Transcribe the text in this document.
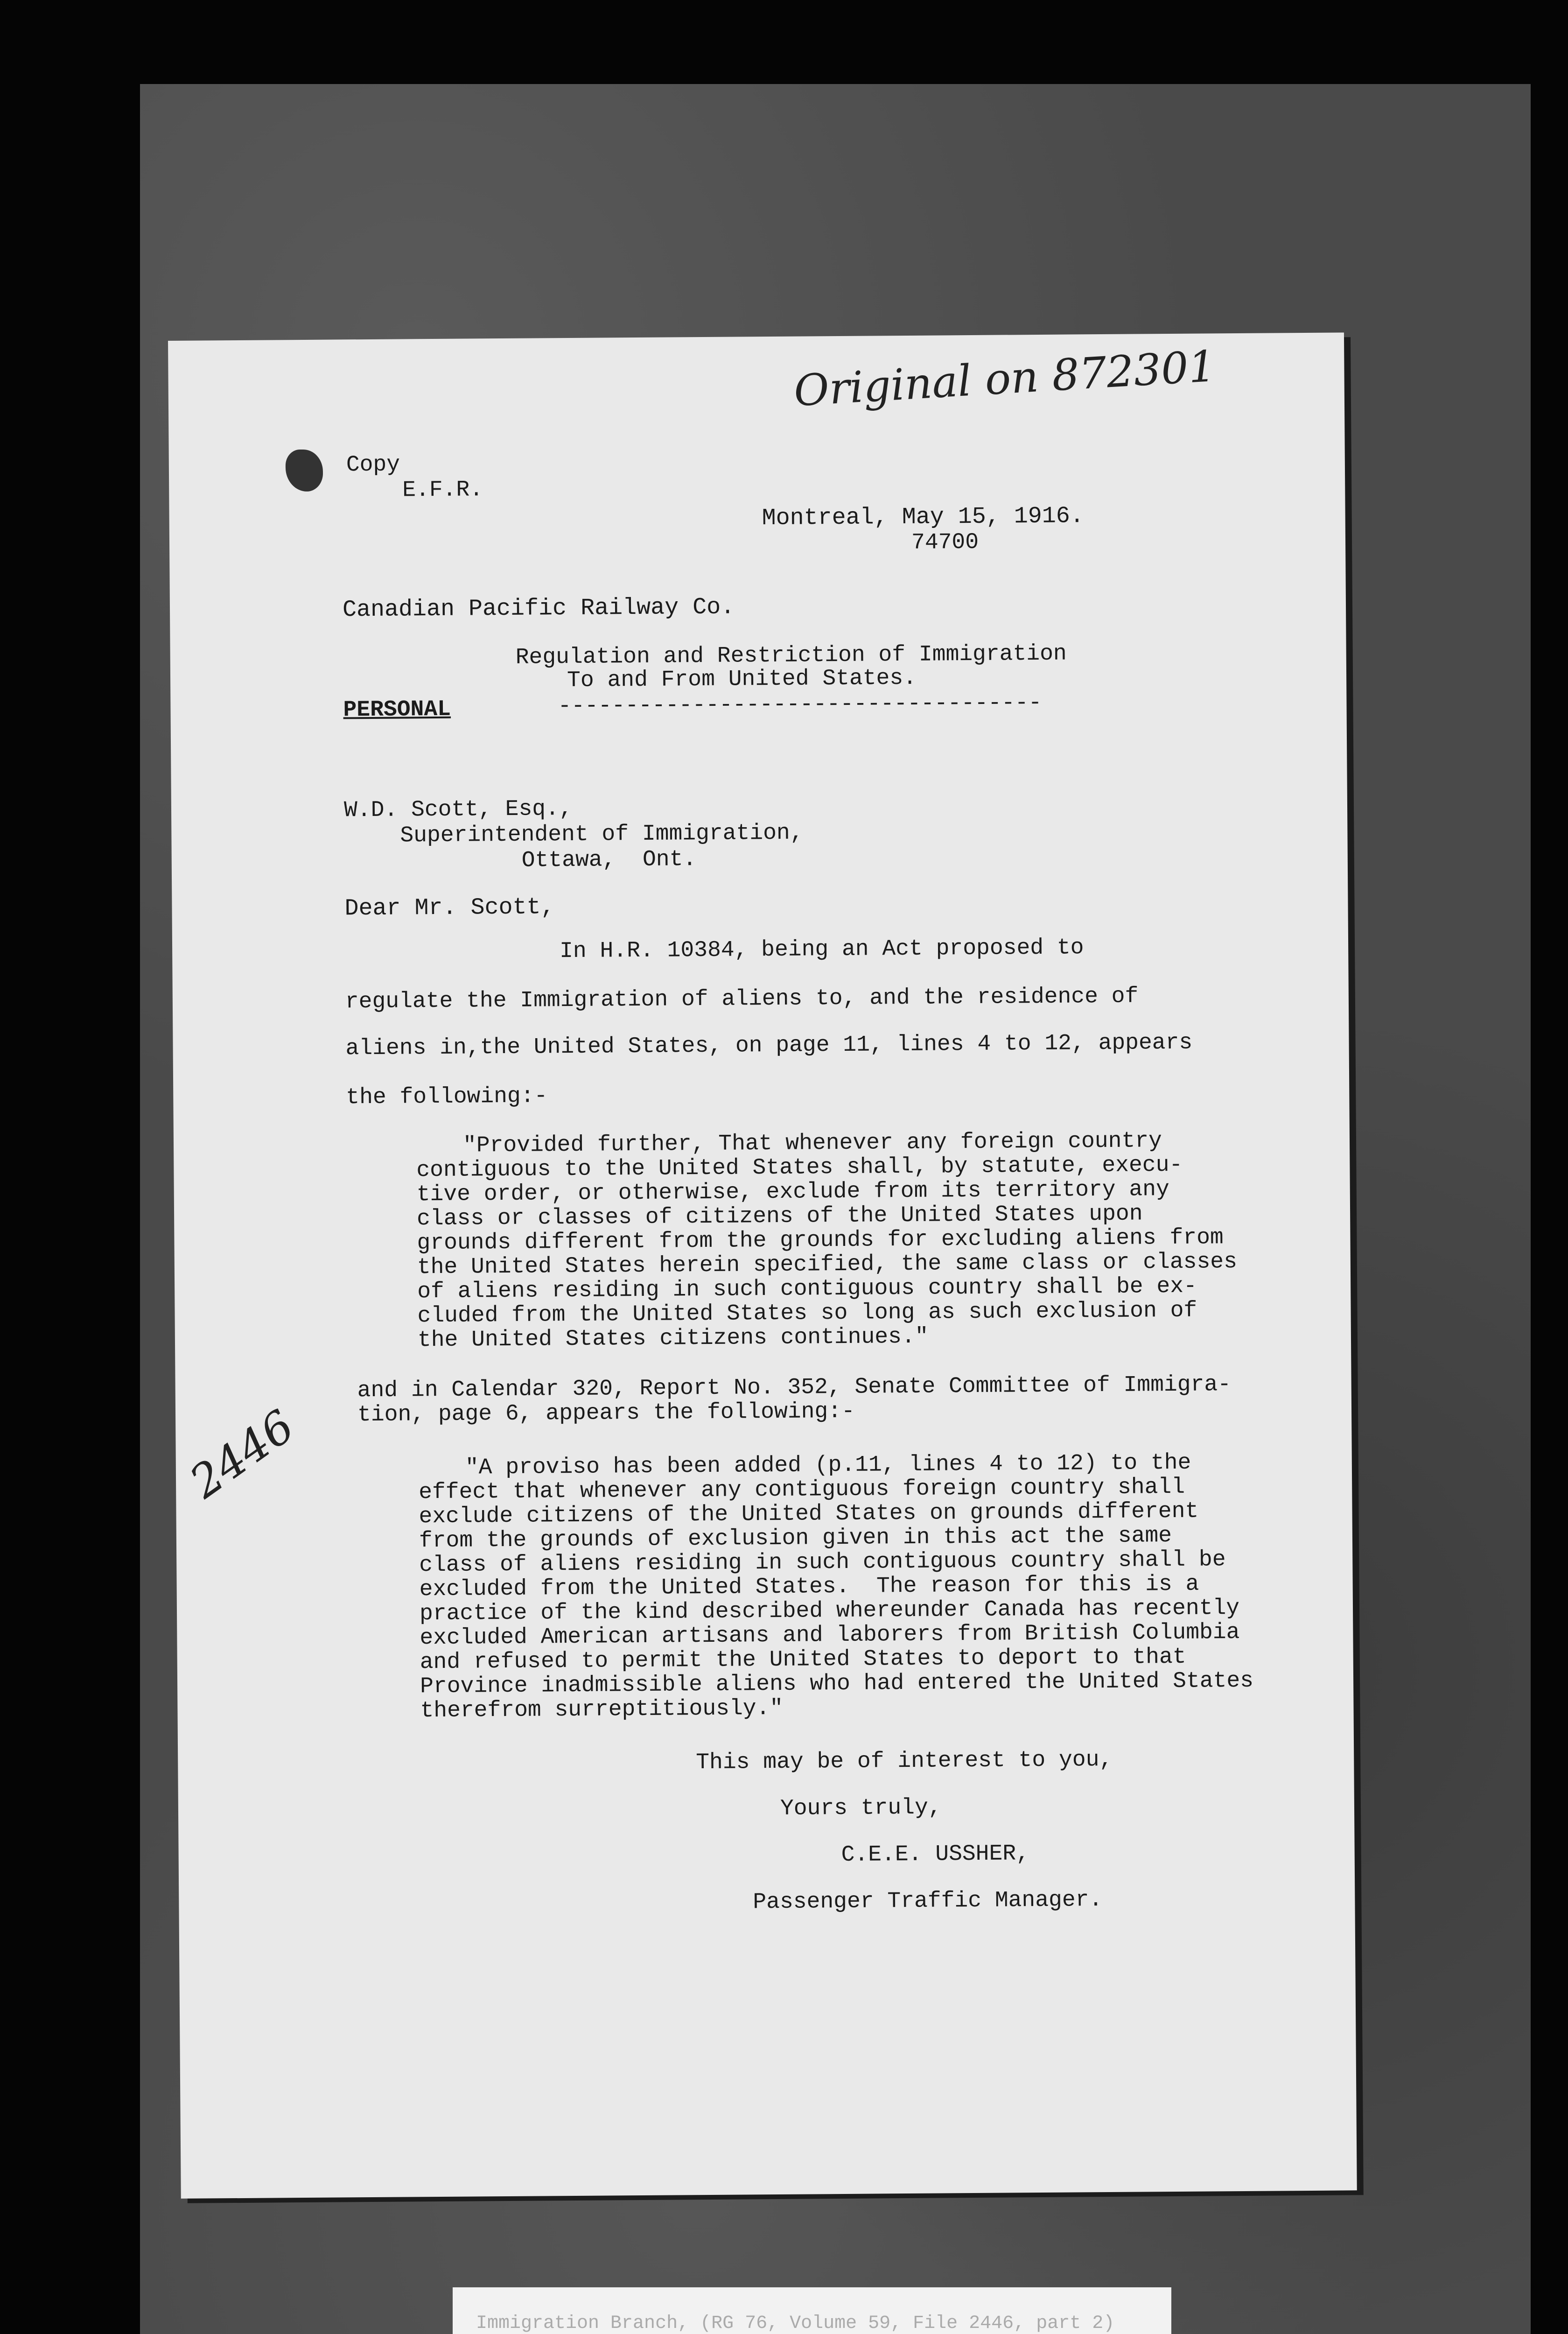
Original on 872301
Copy
E.F.R.
Montreal, May 15, 1916.
74700
Canadian Pacific Railway Co.
Regulation and Restriction of Immigration
To and From United States.
PERSONAL	------------------------------------
W.D. Scott, Esq.,
Superintendent of Immigration,
Ottawa,  Ont.
Dear Mr. Scott,
In H.R. 10384, being an Act proposed to
regulate the Immigration of aliens to, and the residence of
aliens in,the United States, on page 11, lines 4 to 12, appears
the following:-
"Provided further, That whenever any foreign country
contiguous to the United States shall, by statute, execu-
tive order, or otherwise, exclude from its territory any
class or classes of citizens of the United States upon
grounds different from the grounds for excluding aliens from
the United States herein specified, the same class or classes
of aliens residing in such contiguous country shall be ex-
cluded from the United States so long as such exclusion of
the United States citizens continues."
and in Calendar 320, Report No. 352, Senate Committee of Immigra-
tion, page 6, appears the following:-
2446	"A proviso has been added (p.11, lines 4 to 12) to the
effect that whenever any contiguous foreign country shall
exclude citizens of the United States on grounds different
from the grounds of exclusion given in this act the same
class of aliens residing in such contiguous country shall be
excluded from the United States.  The reason for this is a
practice of the kind described whereunder Canada has recently
excluded American artisans and laborers from British Columbia
and refused to permit the United States to deport to that
Province inadmissible aliens who had entered the United States
therefrom surreptitiously."
This may be of interest to you,
Yours truly,
C.E.E. USSHER,
Passenger Traffic Manager.
Immigration Branch, (RG 76, Volume 59, File 2446, part 2)
